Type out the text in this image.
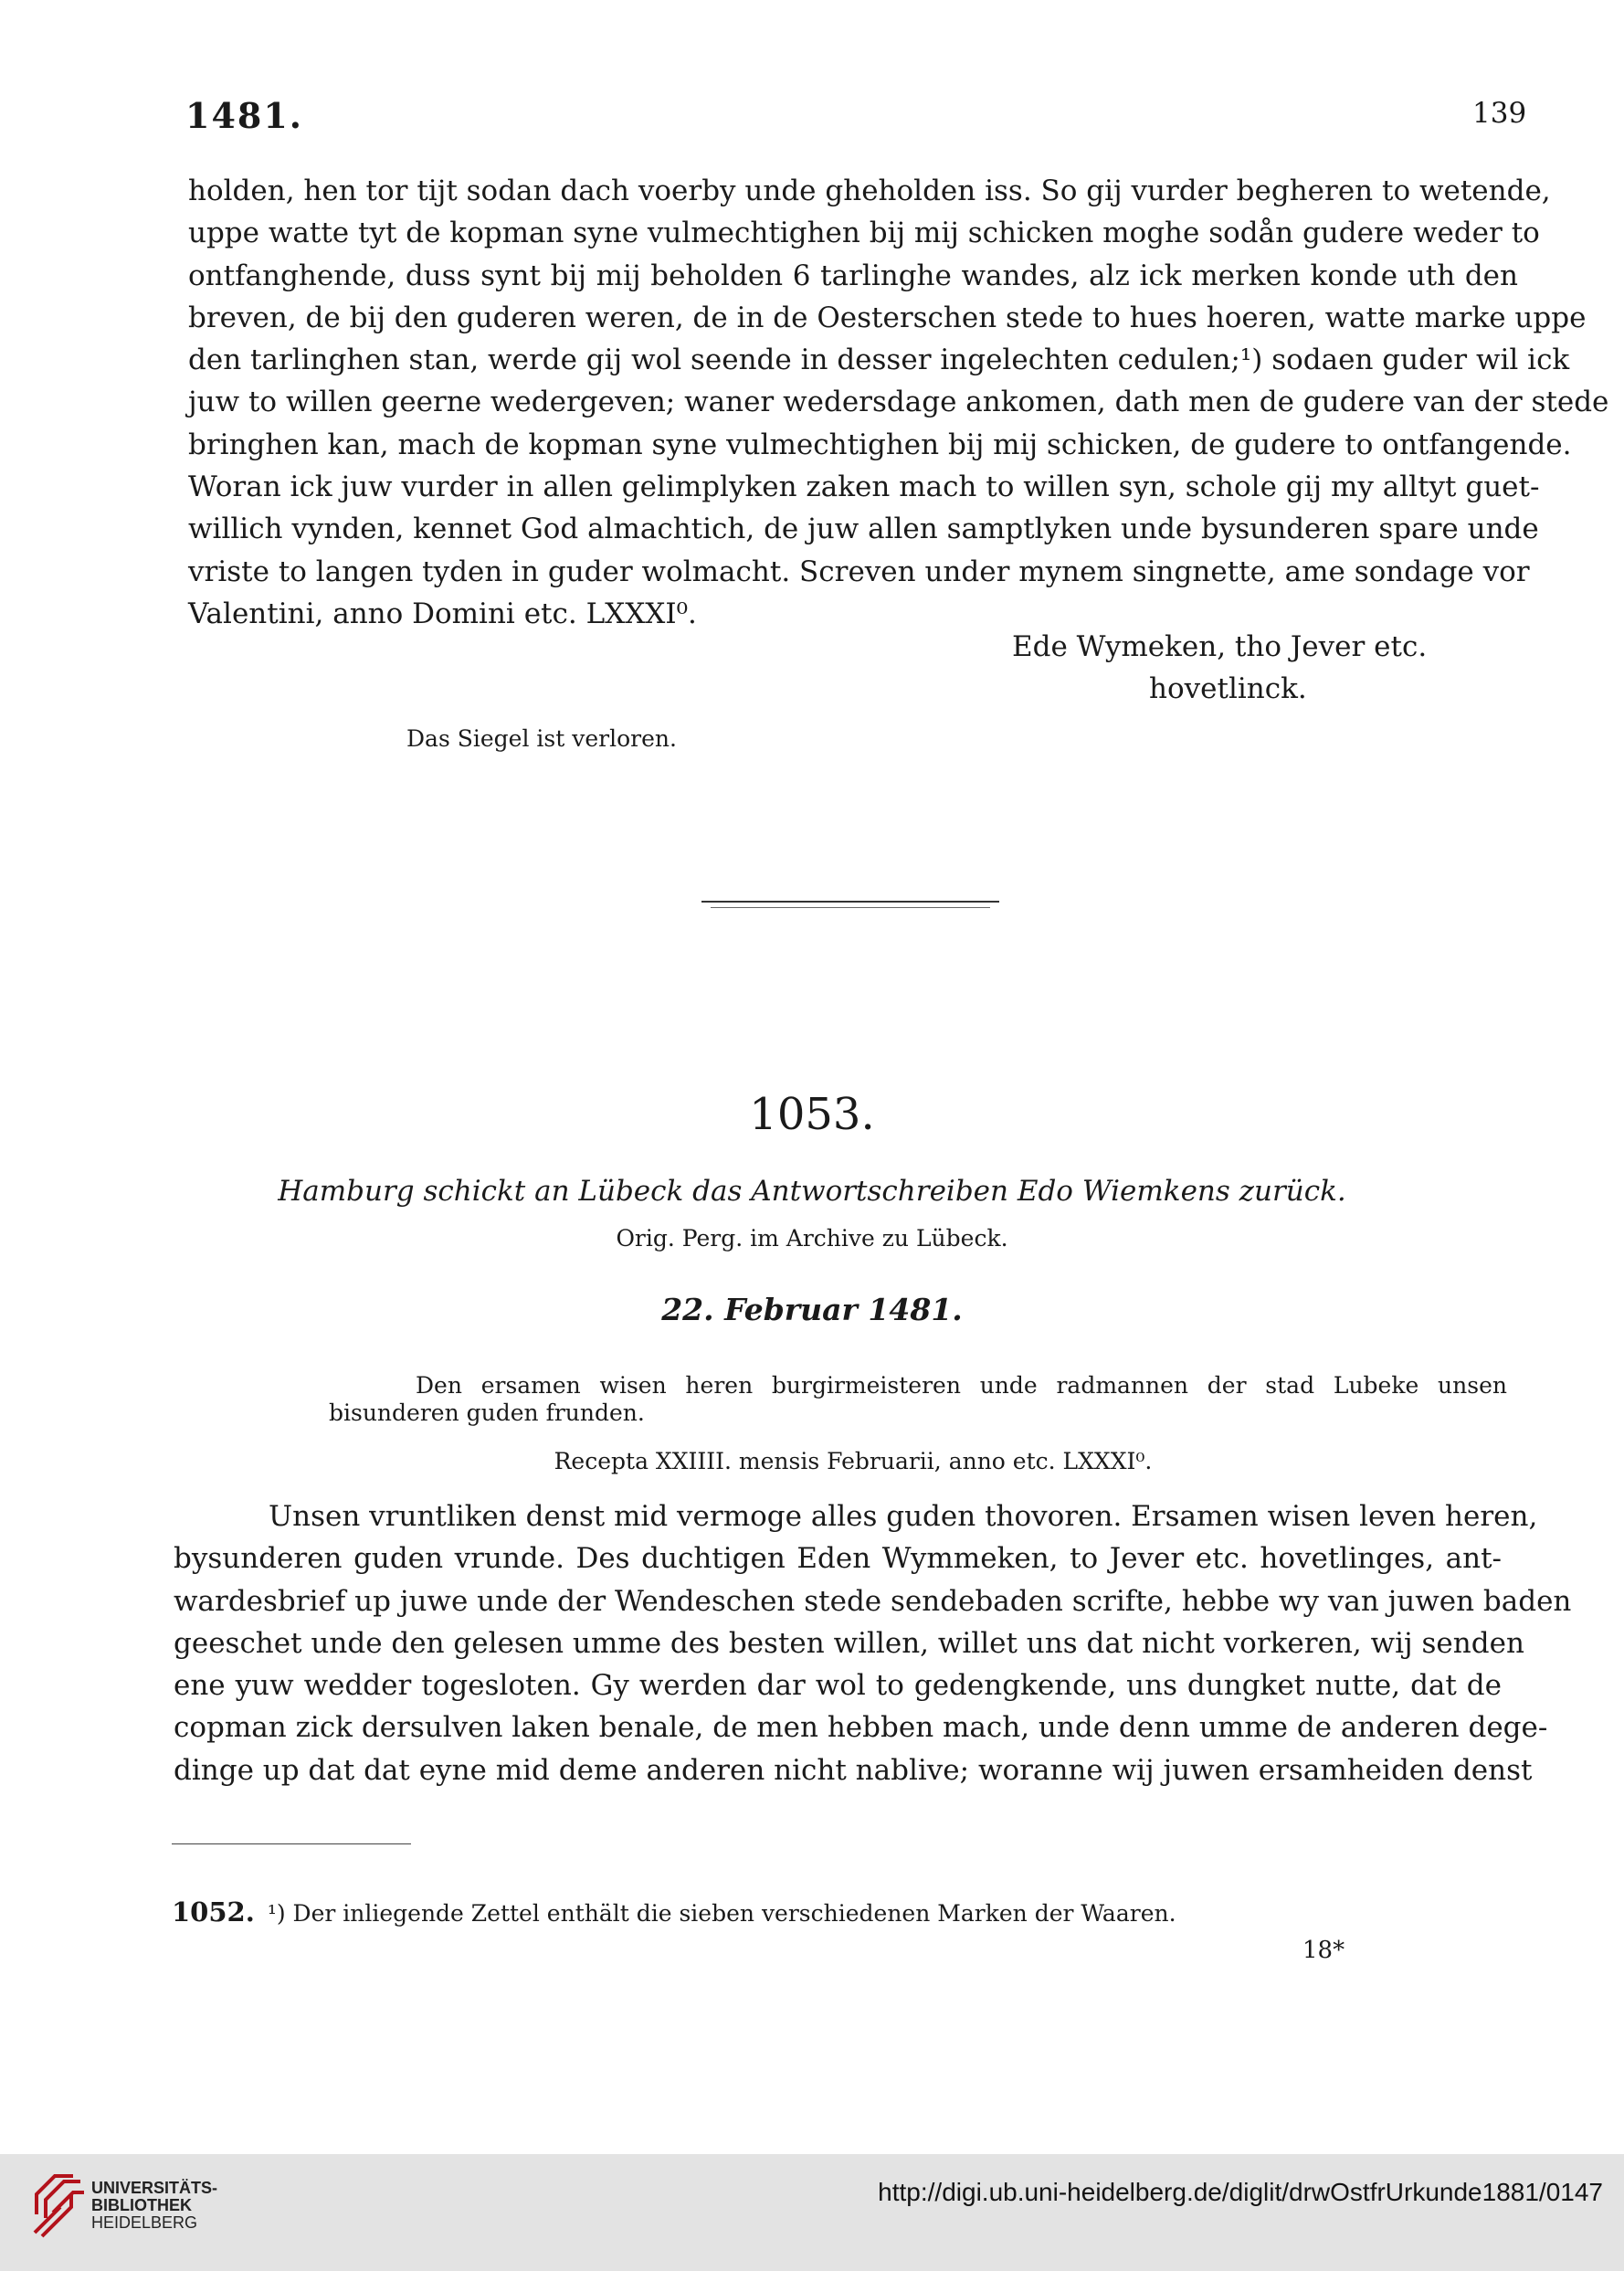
1481.	139
holden, hen tor tijt sodan dach voerby unde gheholden iss. So gij vurder begheren to wetende,
uppe watte tyt de kopman syne vulmechtighen bij mij schicken moghe sodån gudere weder to
ontfanghende, duss synt bij mij beholden 6 tarlinghe wandes, alz ick merken konde uth den
breven, de bij den guderen weren, de in de Oesterschen stede to hues hoeren, watte marke uppe
den tarlinghen stan, werde gij wol seende in desser ingelechten cedulen;¹) sodaen guder wil ick
juw to willen geerne wedergeven; waner wedersdage ankomen, dath men de gudere van der stede
bringhen kan, mach de kopman syne vulmechtighen bij mij schicken, de gudere to ontfangende.
Woran ick juw vurder in allen gelimplyken zaken mach to willen syn, schole gij my alltyt guet-
willich vynden, kennet God almachtich, de juw allen samptlyken unde bysunderen spare unde
vriste to langen tyden in guder wolmacht. Screven under mynem singnette, ame sondage vor
Valentini, anno Domini etc. LXXXI⁰.
Ede Wymeken, tho Jever etc.
hovetlinck.
Das Siegel ist verloren.
1053.
Hamburg schickt an Lübeck das Antwortschreiben Edo Wiemkens zurück.
Orig. Perg. im Archive zu Lübeck.
22. Februar 1481.

Den ersamen wisen heren burgirmeisteren unde radmannen der stad Lubeke unsen bisunderen guden frunden.

Recepta XXIIII. mensis Februarii, anno etc. LXXXI⁰.
Unsen vruntliken denst mid vermoge alles guden thovoren. Ersamen wisen leven heren,
bysunderen guden vrunde. Des duchtigen Eden Wymmeken, to Jever etc. hovetlinges, ant-
wardesbrief up juwe unde der Wendeschen stede sendebaden scrifte, hebbe wy van juwen baden
geeschet unde den gelesen umme des besten willen, willet uns dat nicht vorkeren, wij senden
ene yuw wedder togesloten. Gy werden dar wol to gedengkende, uns dungket nutte, dat de
copman zick dersulven laken benale, de men hebben mach, unde denn umme de anderen dege-
dinge up dat dat eyne mid deme anderen nicht nablive; woranne wij juwen ersamheiden denst
1052. ¹) Der inliegende Zettel enthält die sieben verschiedenen Marken der Waaren.
18*
UNIVERSITÄTS-
BIBLIOTHEK
HEIDELBERG
http://digi.ub.uni-heidelberg.de/diglit/drwOstfrUrkunde1881/0147
